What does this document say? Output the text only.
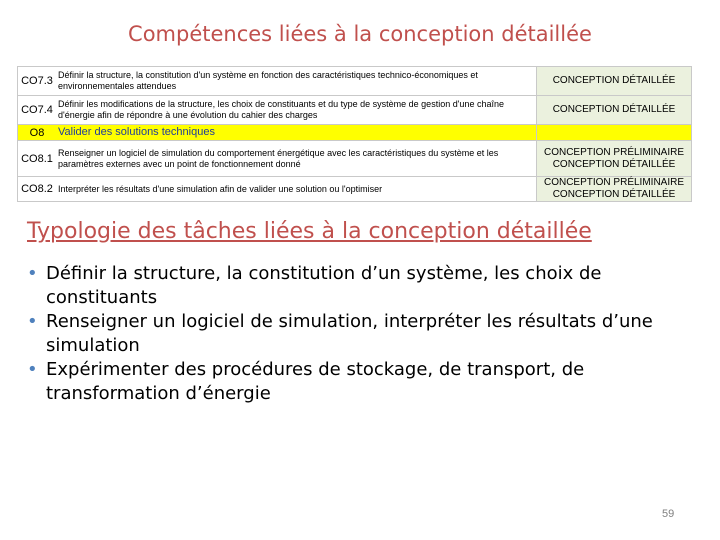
Compétences liées à la conception détaillée
CO7.3	Définir la structure, la constitution d'un système en fonction des caractéristiques technico-économiques et environnementales attendues	CONCEPTION DÉTAILLÉE

CO7.4	Définir les modifications de la structure, les choix de constituants et du type de système de gestion d'une chaîne d'énergie afin de répondre à une évolution du cahier des charges	CONCEPTION DÉTAILLÉE

O8	Valider des solutions techniques	
CO8.1	Renseigner un logiciel de simulation du comportement énergétique avec les caractéristiques du système et les paramètres externes avec un point de fonctionnement donné	CONCEPTION PRÉLIMINAIRE
CONCEPTION DÉTAILLÉE

CO8.2	Interpréter les résultats d'une simulation afin de valider une solution ou l'optimiser	CONCEPTION PRÉLIMINAIRE
CONCEPTION DÉTAILLÉE
Typologie des tâches liées à la conception détaillée
• Définir la structure, la constitution d’un système, les choix de constituants
• Renseigner un logiciel de simulation, interpréter les résultats d’une simulation
• Expérimenter des procédures de stockage, de transport, de transformation d’énergie
59
